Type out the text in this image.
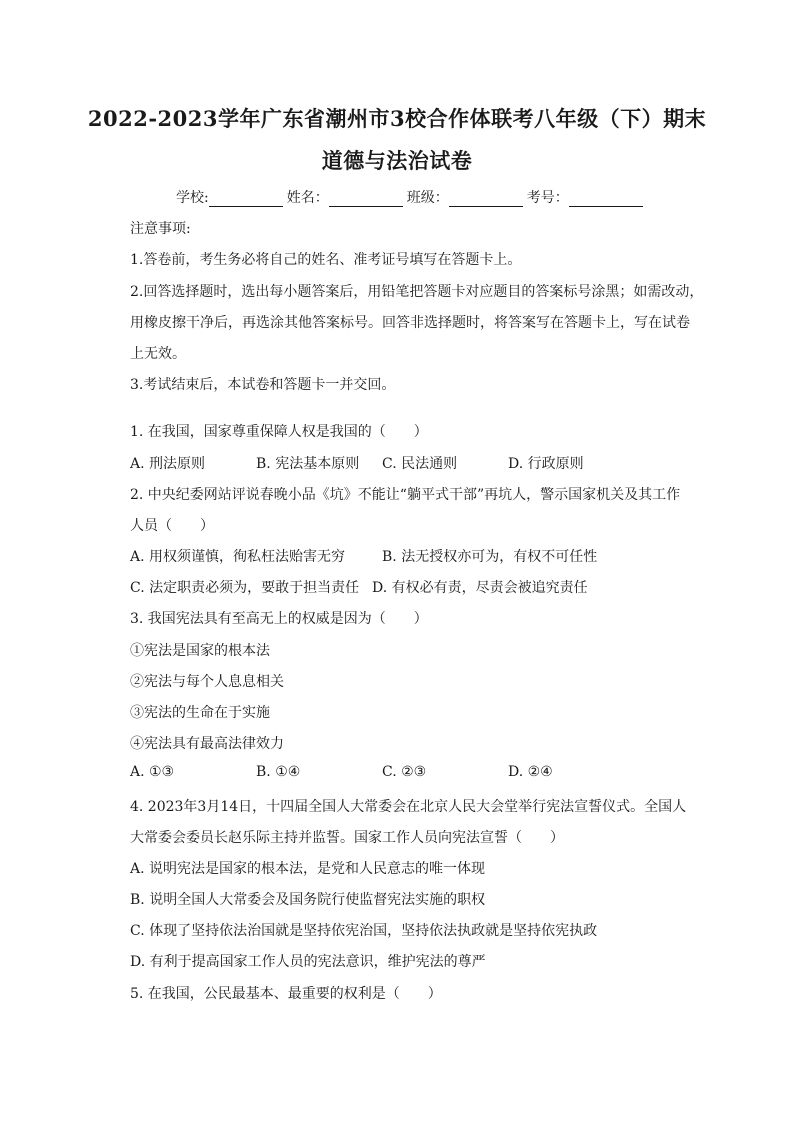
2022-2023学年广东省潮州市3校合作体联考八年级（下）期末
道德与法治试卷
学校:	姓名：	班级：	考号：
注意事项:
1.答卷前，考生务必将自己的姓名、准考证号填写在答题卡上。
2.回答选择题时，选出每小题答案后，用铅笔把答题卡对应题目的答案标号涂黑；如需改动，
用橡皮擦干净后，再选涂其他答案标号。回答非选择题时，将答案写在答题卡上，写在试卷
上无效。
3.考试结束后，本试卷和答题卡一并交回。
1. 在我国，国家尊重保障人权是我国的（　　）
A. 刑法原则	B. 宪法基本原则 C. 民法通则	D. 行政原则
2. 中央纪委网站评说春晚小品《坑》不能让“躺平式干部”再坑人，警示国家机关及其工作
人员（　　）
A. 用权须谨慎，徇私枉法贻害无穷	B. 法无授权亦可为，有权不可任性
C. 法定职责必须为，要敢于担当责任 D. 有权必有责，尽责会被追究责任
3. 我国宪法具有至高无上的权威是因为（　　）
①宪法是国家的根本法
②宪法与每个人息息相关
③宪法的生命在于实施
④宪法具有最高法律效力
A. ①③	B. ①④	C. ②③	D. ②④
4. 2023年3月14日，十四届全国人大常委会在北京人民大会堂举行宪法宣誓仪式。全国人
大常委会委员长赵乐际主持并监誓。国家工作人员向宪法宣誓（　　）
A. 说明宪法是国家的根本法，是党和人民意志的唯一体现
B. 说明全国人大常委会及国务院行使监督宪法实施的职权
C. 体现了坚持依法治国就是坚持依宪治国，坚持依法执政就是坚持依宪执政
D. 有利于提高国家工作人员的宪法意识，维护宪法的尊严
5. 在我国，公民最基本、最重要的权利是（　　）
